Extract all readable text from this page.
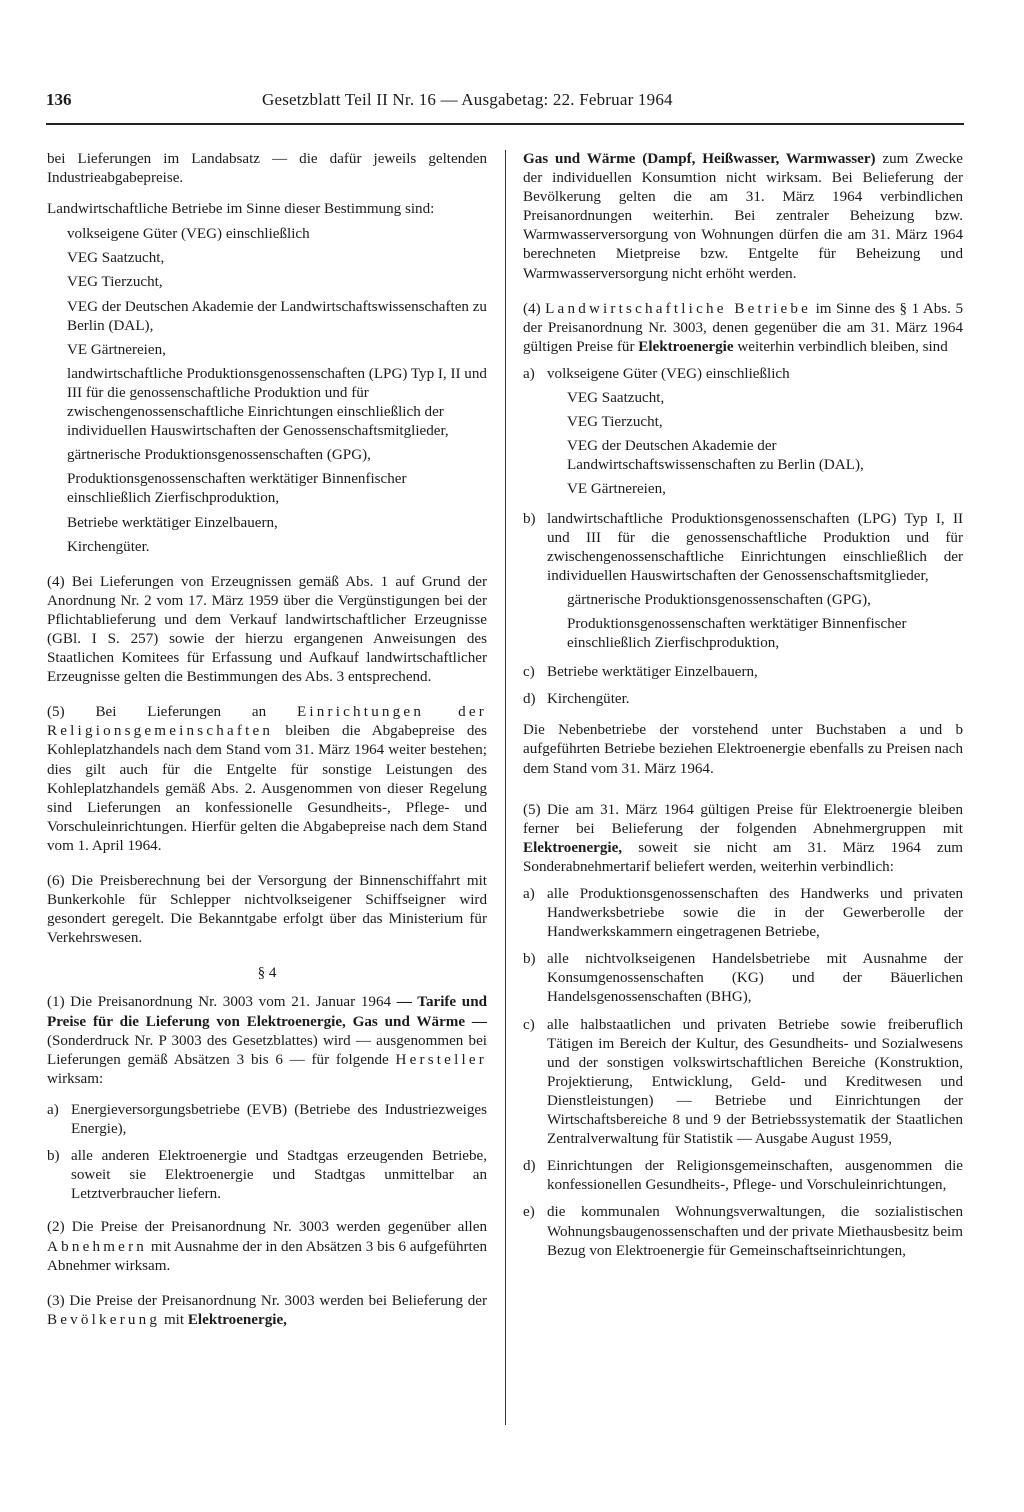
136	Gesetzblatt Teil II Nr. 16 — Ausgabetag: 22. Februar 1964

bei Lieferungen im Landabsatz — die dafür jeweils geltenden Industrieabgabepreise.

Landwirtschaftliche Betriebe im Sinne dieser Bestimmung sind:

volkseigene Güter (VEG) einschließlich
VEG Saatzucht,
VEG Tierzucht,
VEG der Deutschen Akademie der Landwirtschaftswissenschaften zu Berlin (DAL),
VE Gärtnereien,
landwirtschaftliche Produktionsgenossenschaften (LPG) Typ I, II und III für die genossenschaftliche Produktion und für zwischengenossenschaftliche Einrichtungen einschließlich der individuellen Hauswirtschaften der Genossenschaftsmitglieder,
gärtnerische Produktionsgenossenschaften (GPG),
Produktionsgenossenschaften werktätiger Binnenfischer einschließlich Zierfischproduktion,
Betriebe werktätiger Einzelbauern,
Kirchengüter.

(4) Bei Lieferungen von Erzeugnissen gemäß Abs. 1 auf Grund der Anordnung Nr. 2 vom 17. März 1959 über die Vergünstigungen bei der Pflichtablieferung und dem Verkauf landwirtschaftlicher Erzeugnisse (GBl. I S. 257) sowie der hierzu ergangenen Anweisungen des Staatlichen Komitees für Erfassung und Aufkauf landwirtschaftlicher Erzeugnisse gelten die Bestimmungen des Abs. 3 entsprechend.

(5) Bei Lieferungen an Einrichtungen der Religionsgemeinschaften bleiben die Abgabepreise des Kohleplatzhandels nach dem Stand vom 31. März 1964 weiter bestehen; dies gilt auch für die Entgelte für sonstige Leistungen des Kohleplatzhandels gemäß Abs. 2. Ausgenommen von dieser Regelung sind Lieferungen an konfessionelle Gesundheits-, Pflege- und Vorschuleinrichtungen. Hierfür gelten die Abgabepreise nach dem Stand vom 1. April 1964.

(6) Die Preisberechnung bei der Versorgung der Binnenschiffahrt mit Bunkerkohle für Schlepper nichtvolkseigener Schiffseigner wird gesondert geregelt. Die Bekanntgabe erfolgt über das Ministerium für Verkehrswesen.

§ 4

(1) Die Preisanordnung Nr. 3003 vom 21. Januar 1964 — Tarife und Preise für die Lieferung von Elektroenergie, Gas und Wärme — (Sonderdruck Nr. P 3003 des Gesetzblattes) wird — ausgenommen bei Lieferungen gemäß Absätzen 3 bis 6 — für folgende Hersteller wirksam:

a) Energieversorgungsbetriebe (EVB) (Betriebe des Industriezweiges Energie),
b) alle anderen Elektroenergie und Stadtgas erzeugenden Betriebe, soweit sie Elektroenergie und Stadtgas unmittelbar an Letztverbraucher liefern.

(2) Die Preise der Preisanordnung Nr. 3003 werden gegenüber allen Abnehmern mit Ausnahme der in den Absätzen 3 bis 6 aufgeführten Abnehmer wirksam.

(3) Die Preise der Preisanordnung Nr. 3003 werden bei Belieferung der Bevölkerung mit Elektroenergie,

Gas und Wärme (Dampf, Heißwasser, Warmwasser) zum Zwecke der individuellen Konsumtion nicht wirksam. Bei Belieferung der Bevölkerung gelten die am 31. März 1964 verbindlichen Preisanordnungen weiterhin. Bei zentraler Beheizung bzw. Warmwasserversorgung von Wohnungen dürfen die am 31. März 1964 berechneten Mietpreise bzw. Entgelte für Beheizung und Warmwasserversorgung nicht erhöht werden.

(4) Landwirtschaftliche Betriebe im Sinne des § 1 Abs. 5 der Preisanordnung Nr. 3003, denen gegenüber die am 31. März 1964 gültigen Preise für Elektroenergie weiterhin verbindlich bleiben, sind

a) volkseigene Güter (VEG) einschließlich
VEG Saatzucht,
VEG Tierzucht,
VEG der Deutschen Akademie der Landwirtschaftswissenschaften zu Berlin (DAL),
VE Gärtnereien,
b) landwirtschaftliche Produktionsgenossenschaften (LPG) Typ I, II und III für die genossenschaftliche Produktion und für zwischengenossenschaftliche Einrichtungen einschließlich der individuellen Hauswirtschaften der Genossenschaftsmitglieder,
gärtnerische Produktionsgenossenschaften (GPG),
Produktionsgenossenschaften werktätiger Binnenfischer einschließlich Zierfischproduktion,
c) Betriebe werktätiger Einzelbauern,
d) Kirchengüter.

Die Nebenbetriebe der vorstehend unter Buchstaben a und b aufgeführten Betriebe beziehen Elektroenergie ebenfalls zu Preisen nach dem Stand vom 31. März 1964.

(5) Die am 31. März 1964 gültigen Preise für Elektroenergie bleiben ferner bei Belieferung der folgenden Abnehmergruppen mit Elektroenergie, soweit sie nicht am 31. März 1964 zum Sonderabnehmertarif beliefert werden, weiterhin verbindlich:

a) alle Produktionsgenossenschaften des Handwerks und privaten Handwerksbetriebe sowie die in der Gewerberolle der Handwerkskammern eingetragenen Betriebe,
b) alle nichtvolkseigenen Handelsbetriebe mit Ausnahme der Konsumgenossenschaften (KG) und der Bäuerlichen Handelsgenossenschaften (BHG),
c) alle halbstaatlichen und privaten Betriebe sowie freiberuflich Tätigen im Bereich der Kultur, des Gesundheits- und Sozialwesens und der sonstigen volkswirtschaftlichen Bereiche (Konstruktion, Projektierung, Entwicklung, Geld- und Kreditwesen und Dienstleistungen) — Betriebe und Einrichtungen der Wirtschaftsbereiche 8 und 9 der Betriebssystematik der Staatlichen Zentralverwaltung für Statistik — Ausgabe August 1959,
d) Einrichtungen der Religionsgemeinschaften, ausgenommen die konfessionellen Gesundheits-, Pflege- und Vorschuleinrichtungen,
e) die kommunalen Wohnungsverwaltungen, die sozialistischen Wohnungsbaugenossenschaften und der private Miethausbesitz beim Bezug von Elektroenergie für Gemeinschaftseinrichtungen,
